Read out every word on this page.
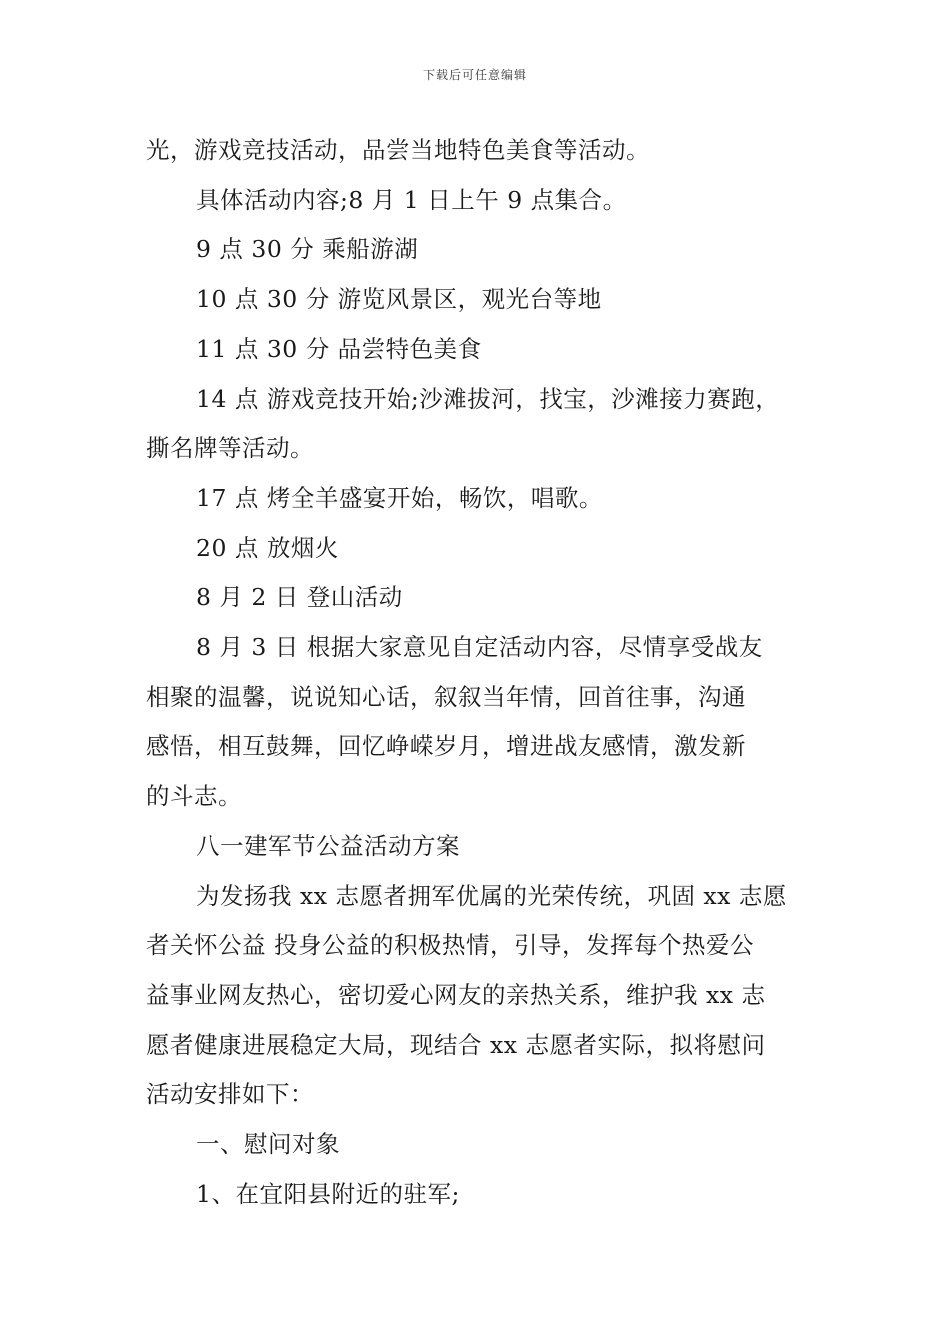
下载后可任意编辑

光，游戏竞技活动，品尝当地特色美食等活动。

具体活动内容;8 月 1 日上午 9 点集合。

9 点 30 分 乘船游湖

10 点 30 分 游览风景区，观光台等地

11 点 30 分 品尝特色美食

14 点 游戏竞技开始;沙滩拔河，找宝，沙滩接力赛跑，

撕名牌等活动。

17 点 烤全羊盛宴开始，畅饮，唱歌。

20 点 放烟火

8 月 2 日 登山活动

8 月 3 日 根据大家意见自定活动内容，尽情享受战友

相聚的温馨，说说知心话，叙叙当年情，回首往事，沟通

感悟，相互鼓舞，回忆峥嵘岁月，增进战友感情，激发新

的斗志。

八一建军节公益活动方案

为发扬我 xx 志愿者拥军优属的光荣传统，巩固 xx 志愿

者关怀公益 投身公益的积极热情，引导，发挥每个热爱公

益事业网友热心，密切爱心网友的亲热关系，维护我 xx 志

愿者健康进展稳定大局，现结合 xx 志愿者实际，拟将慰问

活动安排如下：

一、慰问对象

1、在宜阳县附近的驻军;
